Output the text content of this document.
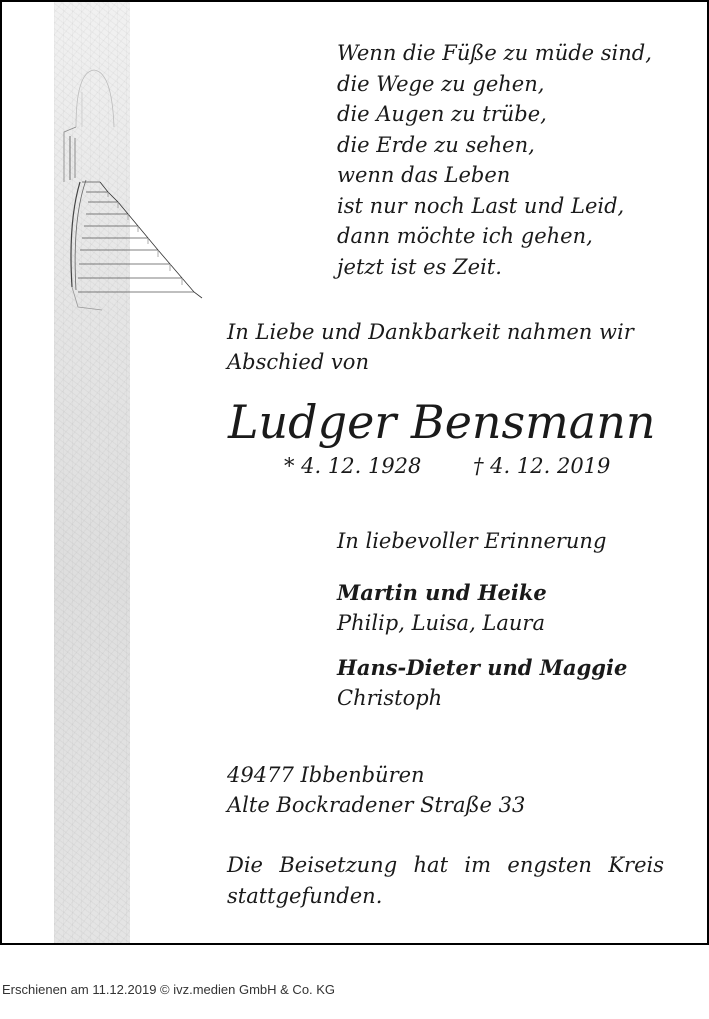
Wenn die Füße zu müde sind,
die Wege zu gehen,
die Augen zu trübe,
die Erde zu sehen,
wenn das Leben
ist nur noch Last und Leid,
dann möchte ich gehen,
jetzt ist es Zeit.

In Liebe und Dankbarkeit nahmen wir Abschied von

Ludger Bensmann
* 4. 12. 1928 † 4. 12. 2019
In liebevoller Erinnerung
Martin und Heike
Philip, Luisa, Laura
Hans-Dieter und Maggie
Christoph
49477 Ibbenbüren
Alte Bockradener Straße 33

Die Beisetzung hat im engsten Kreis stattgefunden.

Erschienen am 11.12.2019 © ivz.medien GmbH & Co. KG
